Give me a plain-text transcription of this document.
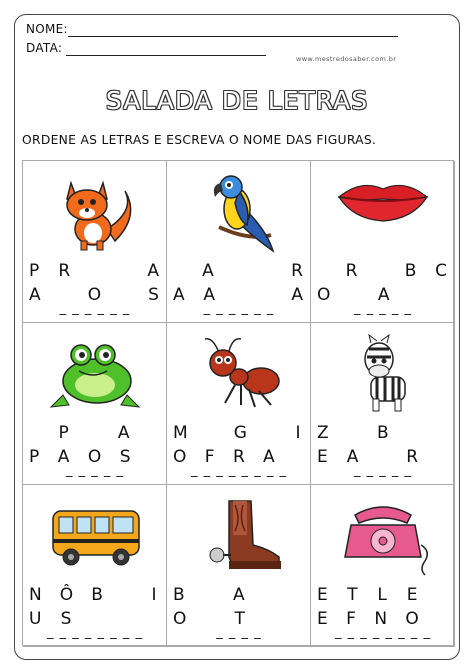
NOME:
DATA:
www.mestredosaber.com.br
SALADA DE LETRAS
ORDENE AS LETRAS E ESCREVA O NOME DAS FIGURAS.
P R	A
A	O	S
_ _ _ _ _ _
A	R
A A	A
_ _ _ _ _ _
R	B C
O	A
_ _ _ _ _
P	A
P A O S
_ _ _ _ _
M	G	I
O F R A
_ _ _ _ _ _ _ _
Z	B
E A	R
_ _ _ _ _
N Ô B	I
U S
_ _ _ _ _ _ _ _
B	A
O	T
_ _ _ _
E T L E
E F N O
_ _ _ _ _ _ _ _
